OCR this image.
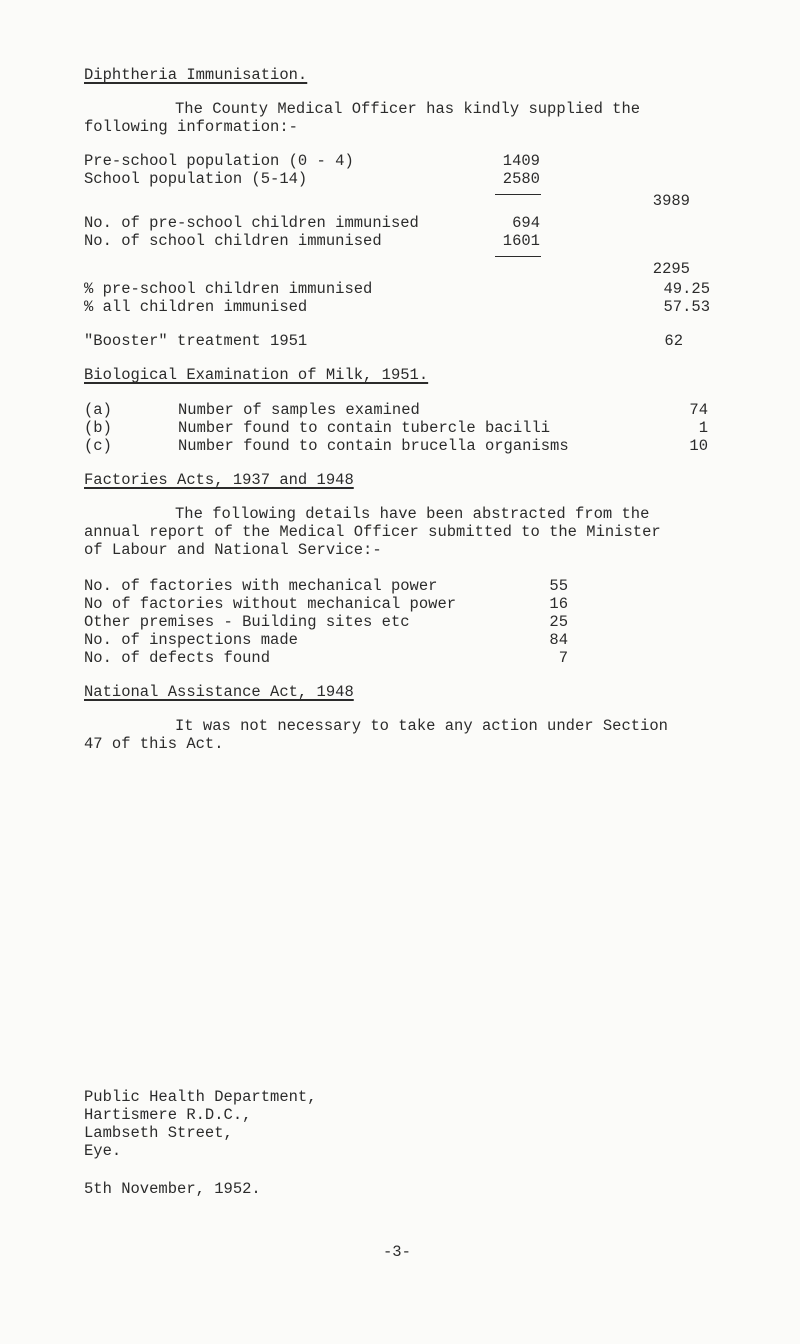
Diphtheria Immunisation.
The County Medical Officer has kindly supplied the
following information:-
Pre-school population (0 - 4)	1409
School population (5-14)	2580
3989
No. of pre-school children immunised	694
No. of school children immunised	1601
2295
% pre-school children immunised	49.25
% all children immunised	57.53
"Booster" treatment 1951	62
Biological Examination of Milk, 1951.
(a)	Number of samples examined	74
(b)	Number found to contain tubercle bacilli	1
(c)	Number found to contain brucella organisms	10
Factories Acts, 1937 and 1948
The following details have been abstracted from the
annual report of the Medical Officer submitted to the Minister
of Labour and National Service:-
No. of factories with mechanical power	55
No of factories without mechanical power	16
Other premises - Building sites etc	25
No. of inspections made	84
No. of defects found	7
National Assistance Act, 1948
It was not necessary to take any action under Section
47 of this Act.
Public Health Department,
Hartismere R.D.C.,
Lambseth Street,
Eye.
5th November, 1952.
-3-
